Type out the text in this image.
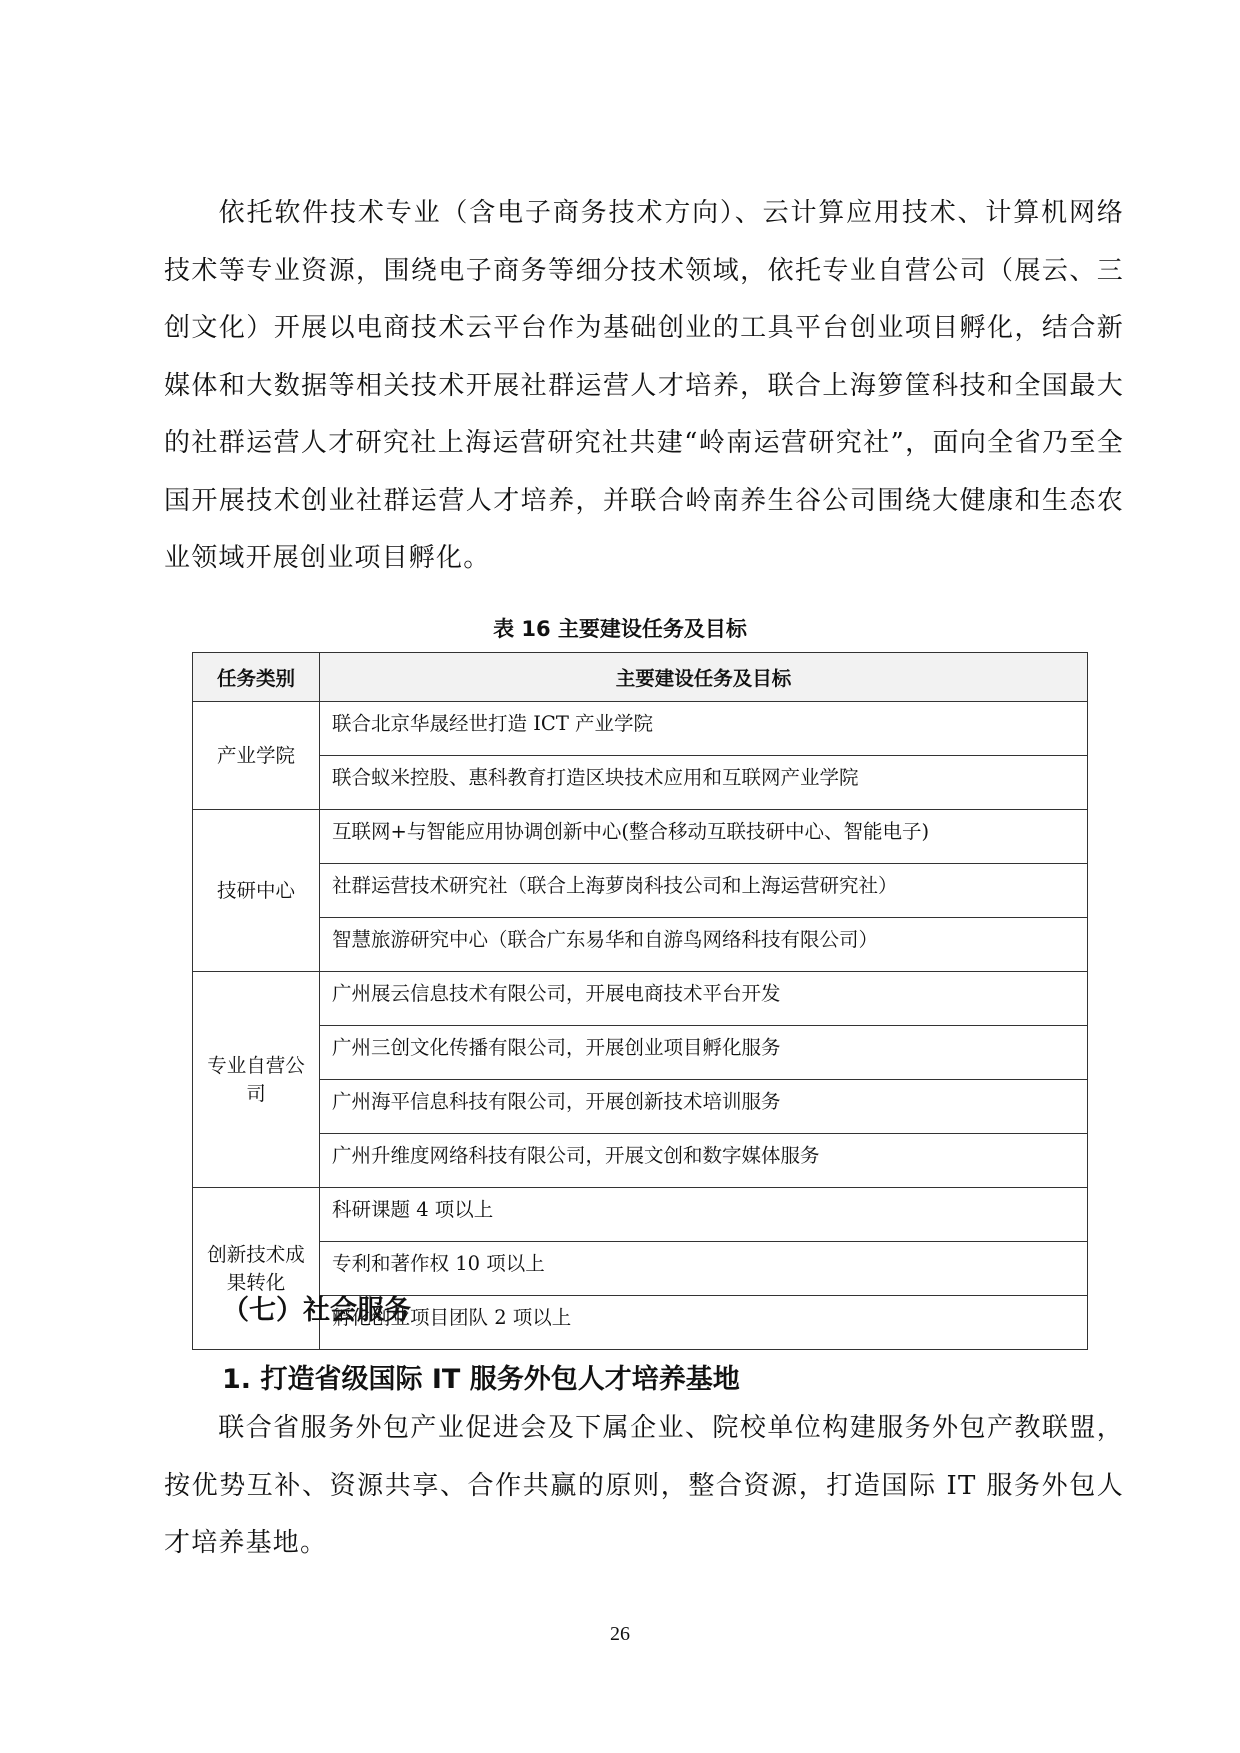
依托软件技术专业（含电子商务技术方向）、云计算应用技术、计算机网络技术等专业资源，围绕电子商务等细分技术领域，依托专业自营公司（展云、三创文化）开展以电商技术云平台作为基础创业的工具平台创业项目孵化，结合新媒体和大数据等相关技术开展社群运营人才培养，联合上海箩筐科技和全国最大的社群运营人才研究社上海运营研究社共建“岭南运营研究社”，面向全省乃至全国开展技术创业社群运营人才培养，并联合岭南养生谷公司围绕大健康和生态农业领域开展创业项目孵化。
表 16 主要建设任务及目标
任务类别	主要建设任务及目标
产业学院	联合北京华晟经世打造 ICT 产业学院
	联合蚁米控股、惠科教育打造区块技术应用和互联网产业学院
技研中心	互联网+与智能应用协调创新中心(整合移动互联技研中心、智能电子)
	社群运营技术研究社（联合上海萝岗科技公司和上海运营研究社）
	智慧旅游研究中心（联合广东易华和自游鸟网络科技有限公司）
专业自营公司	广州展云信息技术有限公司，开展电商技术平台开发
	广州三创文化传播有限公司，开展创业项目孵化服务
	广州海平信息科技有限公司，开展创新技术培训服务
	广州升维度网络科技有限公司，开展文创和数字媒体服务
创新技术成果转化	科研课题 4 项以上
	专利和著作权 10 项以上
	孵化创业项目团队 2 项以上
（七）社会服务
1. 打造省级国际 IT 服务外包人才培养基地
联合省服务外包产业促进会及下属企业、院校单位构建服务外包产教联盟，按优势互补、资源共享、合作共赢的原则，整合资源，打造国际 IT 服务外包人才培养基地。
26
